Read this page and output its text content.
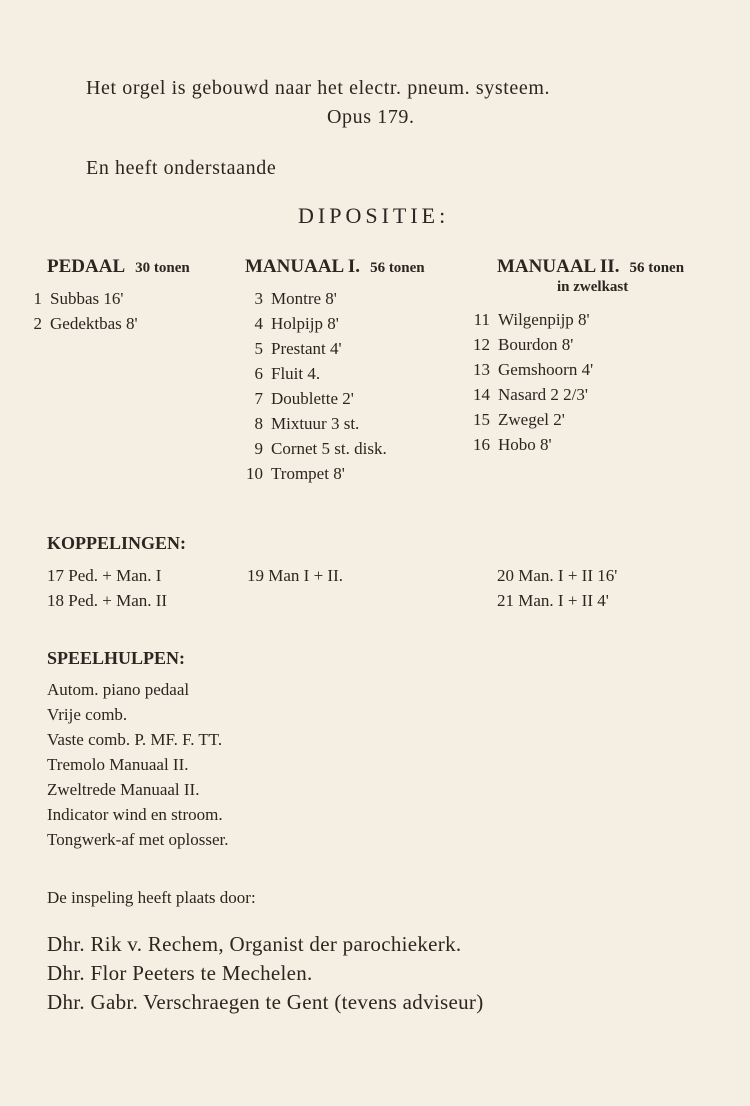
Het orgel is gebouwd naar het electr. pneum. systeem.
Opus 179.
En heeft onderstaande
DIPOSITIE:
PEDAAL 30 tonen
1 Subbas 16'
2 Gedektbas 8'
MANUAAL I. 56 tonen
3 Montre 8'
4 Holpijp 8'
5 Prestant 4'
6 Fluit 4.
7 Doublette 2'
8 Mixtuur 3 st.
9 Cornet 5 st. disk.
10 Trompet 8'
MANUAAL II. 56 tonen
in zwelkast
11 Wilgenpijp 8'
12 Bourdon 8'
13 Gemshoorn 4'
14 Nasard 2 2/3'
15 Zwegel 2'
16 Hobo 8'
KOPPELINGEN:
17 Ped. + Man. I
18 Ped. + Man. II
19 Man I + II.	20 Man. I + II 16'
21 Man. I + II 4'
SPEELHULPEN:
Autom. piano pedaal
Vrije comb.
Vaste comb. P. MF. F. TT.
Tremolo Manuaal II.
Zweltrede Manuaal II.
Indicator wind en stroom.
Tongwerk-af met oplosser.
De inspeling heeft plaats door:
Dhr. Rik v. Rechem, Organist der parochiekerk.
Dhr. Flor Peeters te Mechelen.
Dhr. Gabr. Verschraegen te Gent (tevens adviseur)
